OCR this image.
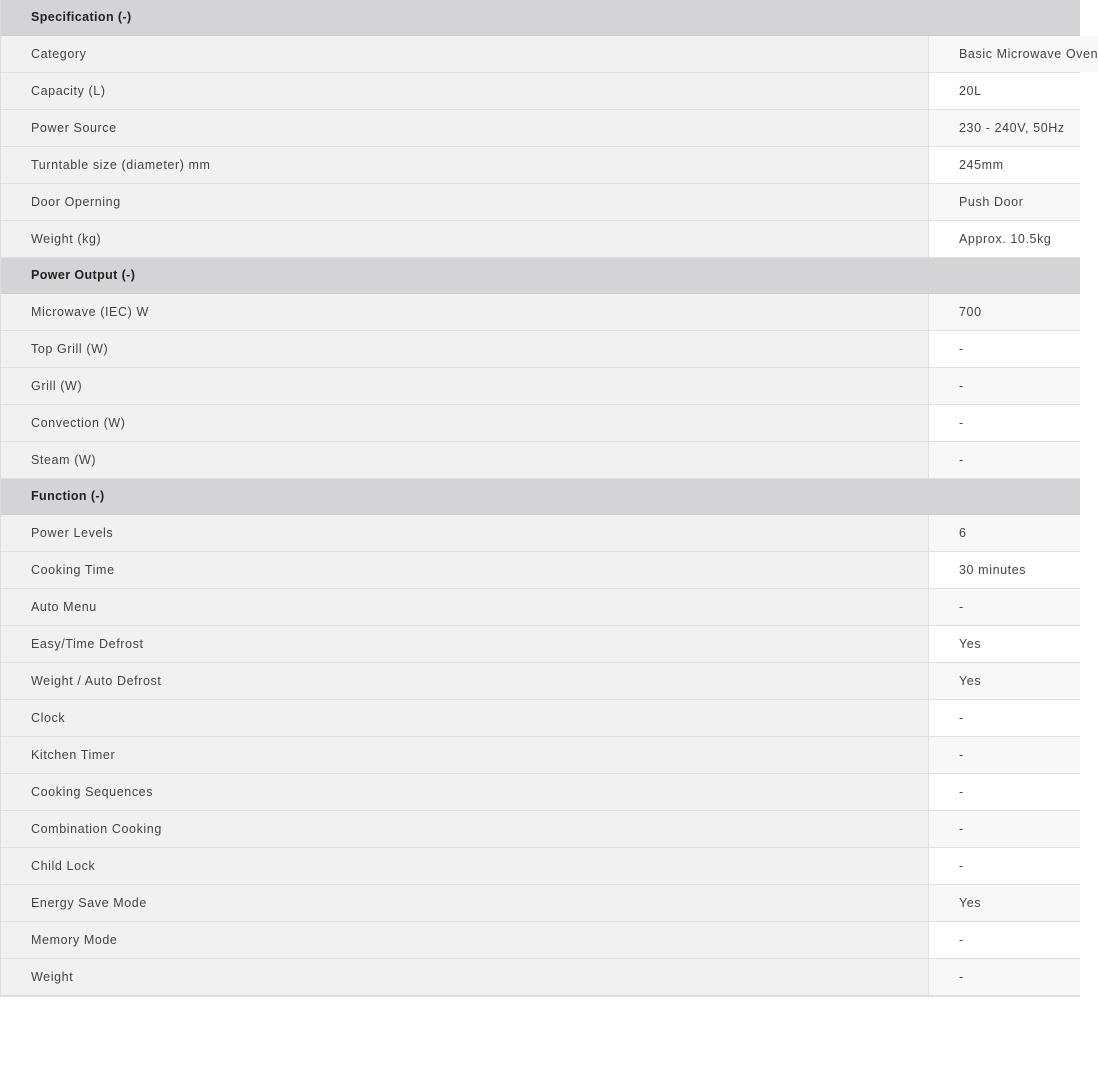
Specification (-)
Category	Basic Microwave Oven
Capacity (L)	20L
Power Source	230 - 240V, 50Hz
Turntable size (diameter) mm	245mm
Door Operning	Push Door
Weight (kg)	Approx. 10.5kg
Power Output (-)
Microwave (IEC) W	700
Top Grill (W)	-
Grill (W)	-
Convection (W)	-
Steam (W)	-
Function (-)
Power Levels	6
Cooking Time	30 minutes
Auto Menu	-
Easy/Time Defrost	Yes
Weight / Auto Defrost	Yes
Clock	-
Kitchen Timer	-
Cooking Sequences	-
Combination Cooking	-
Child Lock	-
Energy Save Mode	Yes
Memory Mode	-
Weight	-
